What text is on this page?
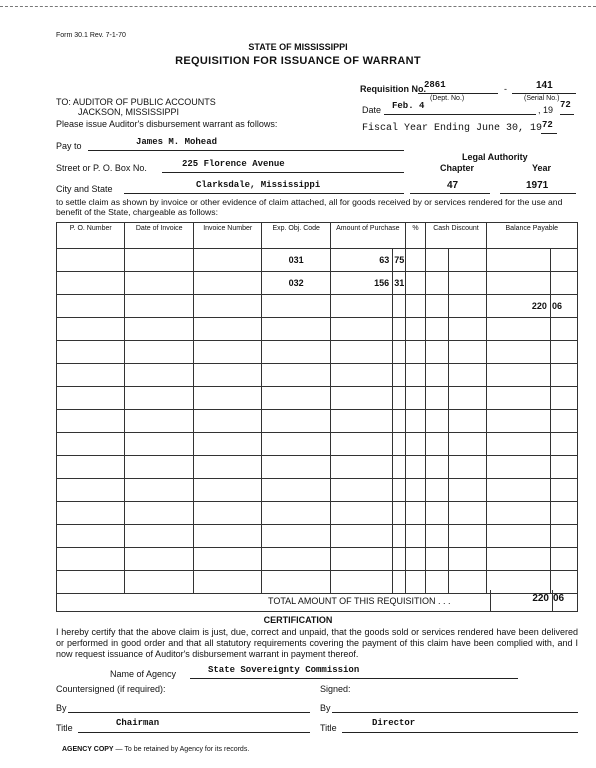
Form 30.1 Rev. 7-1-70
STATE OF MISSISSIPPI
REQUISITION FOR ISSUANCE OF WARRANT
Requisition No.
2861	-	141
(Dept. No.)	(Serial No.)
Date Feb. 4	, 19 72
Fiscal Year Ending June 30, 19 72
TO: AUDITOR OF PUBLIC ACCOUNTS
JACKSON, MISSISSIPPI
Please issue Auditor's disbursement warrant as follows:
Pay to	James M. Mohead
Street or P. O. Box No.	225 Florence Avenue
City and State	Clarksdale, Mississippi
Legal Authority
Chapter	Year
47	1971
to settle claim as shown by invoice or other evidence of claim attached, all for goods received by or services rendered for the use and benefit of the State, chargeable as follows:
P. O. Number	Date of Invoice	Invoice Number	Exp. Obj. Code	Amount of Purchase		%	Cash Discount		Balance Payable	
			031	63	75					
			032	156	31					
									220	06

TOTAL AMOUNT OF THIS REQUISITION . . .	220 06
CERTIFICATION
I hereby certify that the above claim is just, due, correct and unpaid, that the goods sold or services rendered have been delivered or performed in good order and that all statutory requirements covering the payment of this claim have been complied with, and I now request issuance of Auditor's disbursement warrant in payment thereof.
Name of Agency	State Sovereignty Commission
Countersigned (if required):	Signed:
By	By
Title	Chairman	Title	Director
AGENCY COPY — To be retained by Agency for its records.
